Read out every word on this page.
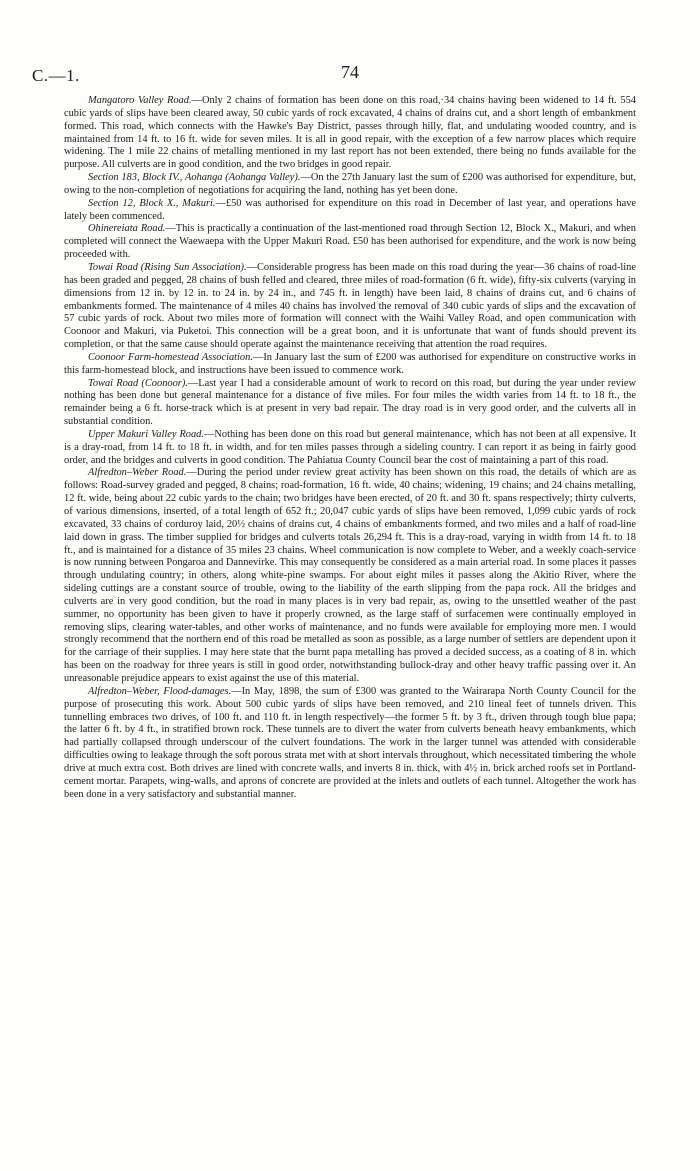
C.—1.	74

Mangatoro Valley Road.—Only 2 chains of formation has been done on this road,·34 chains having been widened to 14 ft. 554 cubic yards of slips have been cleared away, 50 cubic yards of rock excavated, 4 chains of drains cut, and a short length of embankment formed. This road, which connects with the Hawke's Bay District, passes through hilly, flat, and undulating wooded country, and is maintained from 14 ft. to 16 ft. wide for seven miles. It is all in good repair, with the exception of a few narrow places which require widening. The 1 mile 22 chains of metalling mentioned in my last report has not been extended, there being no funds available for the purpose. All culverts are in good condition, and the two bridges in good repair.

Section 183, Block IV., Aohanga (Aohanga Valley).—On the 27th January last the sum of £200 was authorised for expenditure, but, owing to the non-completion of negotiations for acquiring the land, nothing has yet been done.

Section 12, Block X., Makuri.—£50 was authorised for expenditure on this road in December of last year, and operations have lately been commenced.

Ohinereiata Road.—This is practically a continuation of the last-mentioned road through Section 12, Block X., Makuri, and when completed will connect the Waewaepa with the Upper Makuri Road. £50 has been authorised for expenditure, and the work is now being proceeded with.

Towai Road (Rising Sun Association).—Considerable progress has been made on this road during the year—36 chains of road-line has been graded and pegged, 28 chains of bush felled and cleared, three miles of road-formation (6 ft. wide), fifty-six culverts (varying in dimensions from 12 in. by 12 in. to 24 in. by 24 in., and 745 ft. in length) have been laid, 8 chains of drains cut, and 6 chains of embankments formed. The maintenance of 4 miles 40 chains has involved the removal of 340 cubic yards of slips and the excavation of 57 cubic yards of rock. About two miles more of formation will connect with the Waihi Valley Road, and open communication with Coonoor and Makuri, via Puketoi. This connection will be a great boon, and it is unfortunate that want of funds should prevent its completion, or that the same cause should operate against the maintenance receiving that attention the road requires.

Coonoor Farm-homestead Association.—In January last the sum of £200 was authorised for expenditure on constructive works in this farm-homestead block, and instructions have been issued to commence work.

Towai Road (Coonoor).—Last year I had a considerable amount of work to record on this road, but during the year under review nothing has been done but general maintenance for a distance of five miles. For four miles the width varies from 14 ft. to 18 ft., the remainder being a 6 ft. horse-track which is at present in very bad repair. The dray road is in very good order, and the culverts all in substantial condition.

Upper Makuri Valley Road.—Nothing has been done on this road but general maintenance, which has not been at all expensive. It is a dray-road, from 14 ft. to 18 ft. in width, and for ten miles passes through a sideling country. I can report it as being in fairly good order, and the bridges and culverts in good condition. The Pahiatua County Council bear the cost of maintaining a part of this road.

Alfredton–Weber Road.—During the period under review great activity has been shown on this road, the details of which are as follows: Road-survey graded and pegged, 8 chains; road-formation, 16 ft. wide, 40 chains; widening, 19 chains; and 24 chains metalling, 12 ft. wide, being about 22 cubic yards to the chain; two bridges have been erected, of 20 ft. and 30 ft. spans respectively; thirty culverts, of various dimensions, inserted, of a total length of 652 ft.; 20,047 cubic yards of slips have been removed, 1,099 cubic yards of rock excavated, 33 chains of corduroy laid, 20½ chains of drains cut, 4 chains of embankments formed, and two miles and a half of road-line laid down in grass. The timber supplied for bridges and culverts totals 26,294 ft. This is a dray-road, varying in width from 14 ft. to 18 ft., and is maintained for a distance of 35 miles 23 chains. Wheel communication is now complete to Weber, and a weekly coach-service is now running between Pongaroa and Dannevirke. This may consequently be considered as a main arterial road. In some places it passes through undulating country; in others, along white-pine swamps. For about eight miles it passes along the Akitio River, where the sideling cuttings are a constant source of trouble, owing to the liability of the earth slipping from the papa rock. All the bridges and culverts are in very good condition, but the road in many places is in very bad repair, as, owing to the unsettled weather of the past summer, no opportunity has been given to have it properly crowned, as the large staff of surfacemen were continually employed in removing slips, clearing water-tables, and other works of maintenance, and no funds were available for employing more men. I would strongly recommend that the northern end of this road be metalled as soon as possible, as a large number of settlers are dependent upon it for the carriage of their supplies. I may here state that the burnt papa metalling has proved a decided success, as a coating of 8 in. which has been on the roadway for three years is still in good order, notwithstanding bullock-dray and other heavy traffic passing over it. An unreasonable prejudice appears to exist against the use of this material.

Alfredton–Weber, Flood-damages.—In May, 1898, the sum of £300 was granted to the Wairarapa North County Council for the purpose of prosecuting this work. About 500 cubic yards of slips have been removed, and 210 lineal feet of tunnels driven. This tunnelling embraces two drives, of 100 ft. and 110 ft. in length respectively—the former 5 ft. by 3 ft., driven through tough blue papa; the latter 6 ft. by 4 ft., in stratified brown rock. These tunnels are to divert the water from culverts beneath heavy embankments, which had partially collapsed through underscour of the culvert foundations. The work in the larger tunnel was attended with considerable difficulties owing to leakage through the soft porous strata met with at short intervals throughout, which necessitated timbering the whole drive at much extra cost. Both drives are lined with concrete walls, and inverts 8 in. thick, with 4½ in. brick arched roofs set in Portland-cement mortar. Parapets, wing-walls, and aprons of concrete are provided at the inlets and outlets of each tunnel. Altogether the work has been done in a very satisfactory and substantial manner.
